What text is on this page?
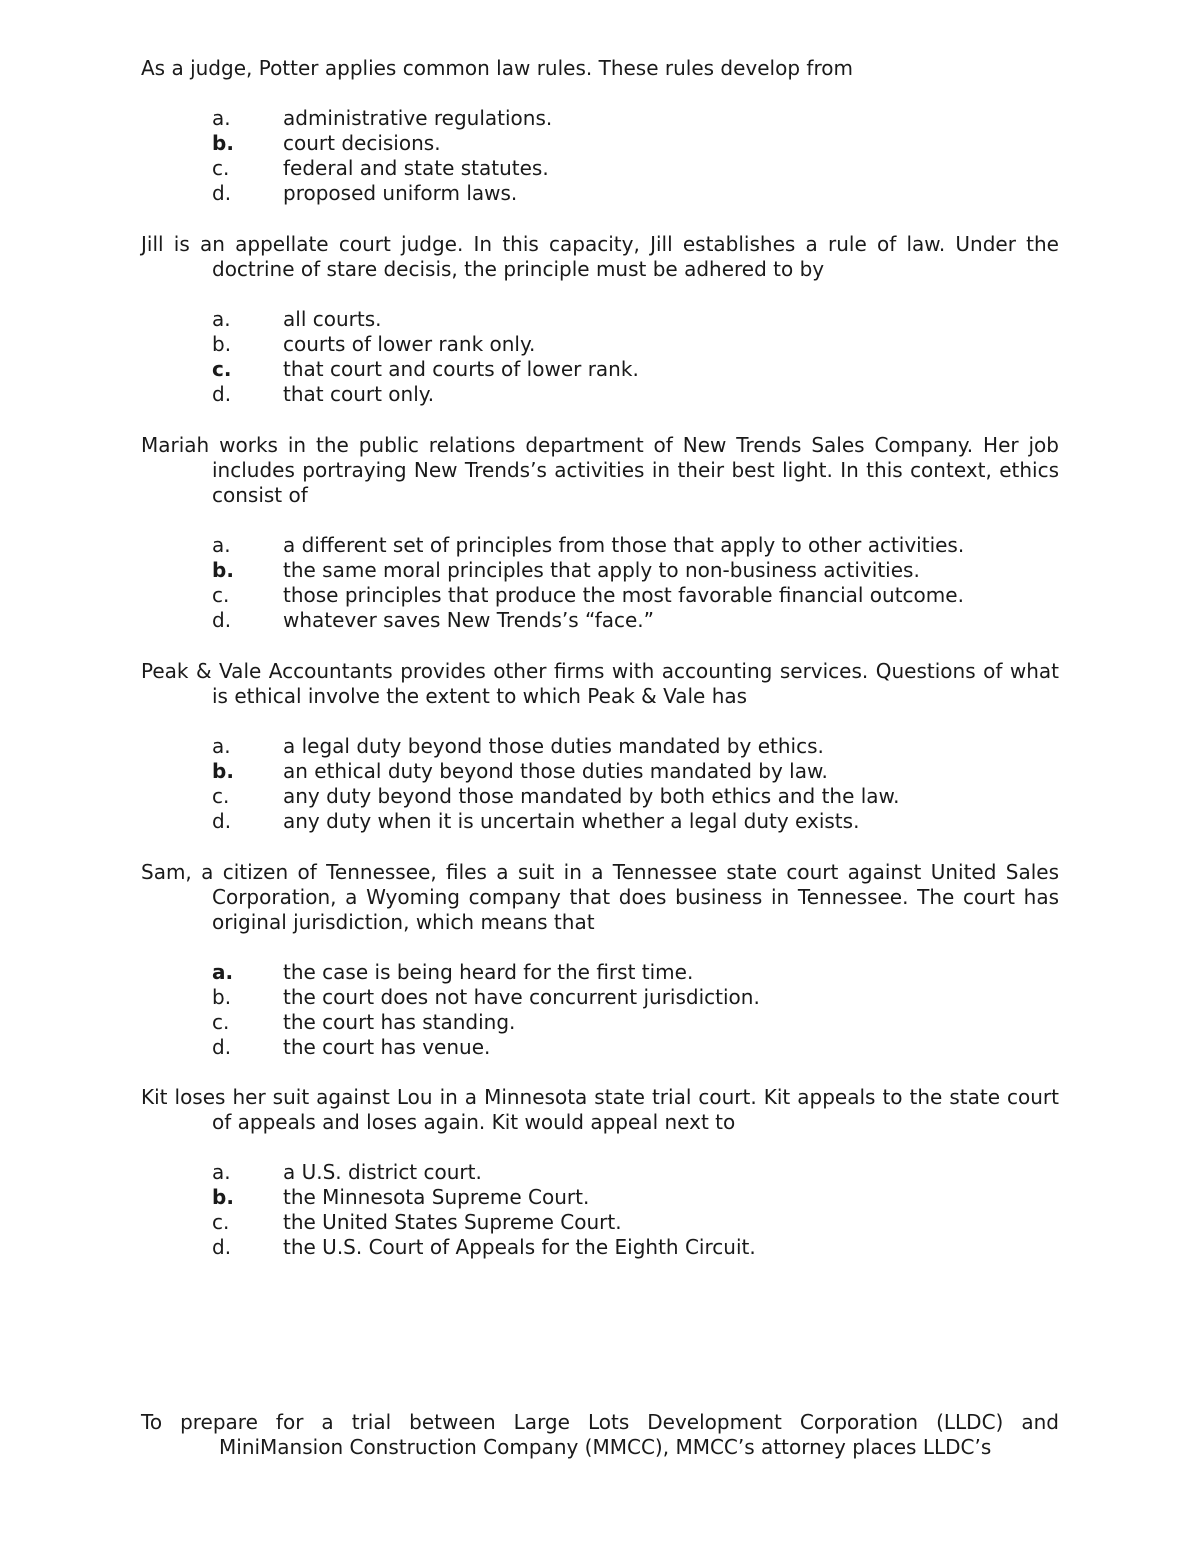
As a judge, Potter applies common law rules. These rules develop from

a.	administrative regulations.
b.	court decisions.
c.	federal and state statutes.
d.	proposed uniform laws.

Jill is an appellate court judge. In this capacity, Jill establishes a rule of law. Under the doctrine of stare decisis, the principle must be adhered to by

a.	all courts.
b.	courts of lower rank only.
c.	that court and courts of lower rank.
d.	that court only.

Mariah works in the public relations department of New Trends Sales Company. Her job includes portraying New Trends’s activities in their best light. In this context, ethics consist of

a.	a different set of principles from those that apply to other activities.
b.	the same moral principles that apply to non-business activities.
c.	those principles that produce the most favorable financial outcome.
d.	whatever saves New Trends’s “face.”

Peak & Vale Accountants provides other firms with accounting services. Questions of what is ethical involve the extent to which Peak & Vale has

a.	a legal duty beyond those duties mandated by ethics.
b.	an ethical duty beyond those duties mandated by law.
c.	any duty beyond those mandated by both ethics and the law.
d.	any duty when it is uncertain whether a legal duty exists.

Sam, a citizen of Tennessee, files a suit in a Tennessee state court against United Sales Corporation, a Wyoming company that does business in Tennessee. The court has original jurisdiction, which means that

a.	the case is being heard for the first time.
b.	the court does not have concurrent jurisdiction.
c.	the court has standing.
d.	the court has venue.

Kit loses her suit against Lou in a Minnesota state trial court. Kit appeals to the state court of appeals and loses again. Kit would appeal next to

a.	a U.S. district court.
b.	the Minnesota Supreme Court.
c.	the United States Supreme Court.
d.	the U.S. Court of Appeals for the Eighth Circuit.

To prepare for a trial between Large Lots Development Corporation (LLDC) and MiniMansion Construction Company (MMCC), MMCC’s attorney places LLDC’s
